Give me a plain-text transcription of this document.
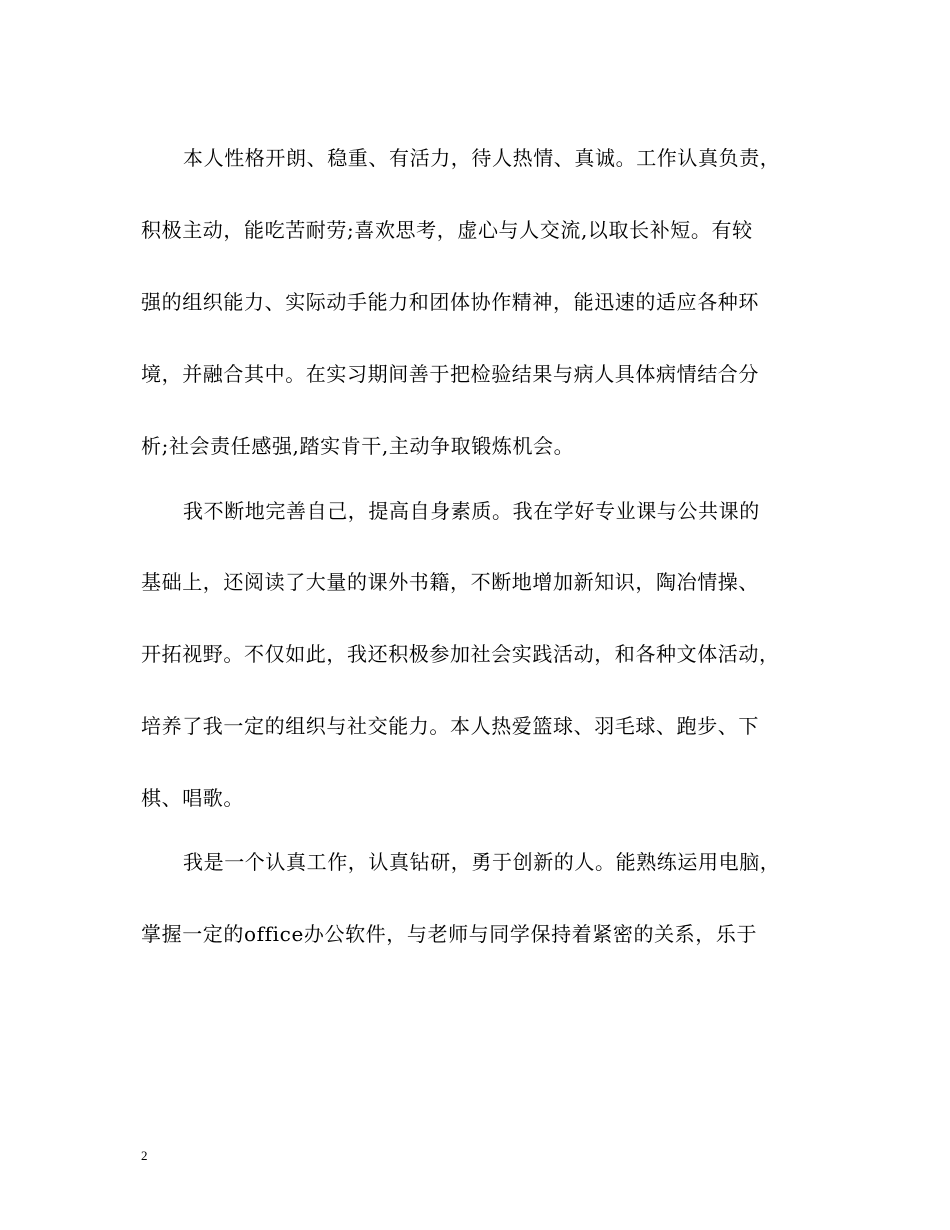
本人性格开朗、稳重、有活力，待人热情、真诚。工作认真负责，
积极主动，能吃苦耐劳;喜欢思考，虚心与人交流,以取长补短。有较
强的组织能力、实际动手能力和团体协作精神，能迅速的适应各种环
境，并融合其中。在实习期间善于把检验结果与病人具体病情结合分
析;社会责任感强,踏实肯干,主动争取锻炼机会。
我不断地完善自己，提高自身素质。我在学好专业课与公共课的
基础上，还阅读了大量的课外书籍，不断地增加新知识，陶冶情操、
开拓视野。不仅如此，我还积极参加社会实践活动，和各种文体活动，
培养了我一定的组织与社交能力。本人热爱篮球、羽毛球、跑步、下
棋、唱歌。
我是一个认真工作，认真钻研，勇于创新的人。能熟练运用电脑，
掌握一定的office办公软件，与老师与同学保持着紧密的关系，乐于
2
